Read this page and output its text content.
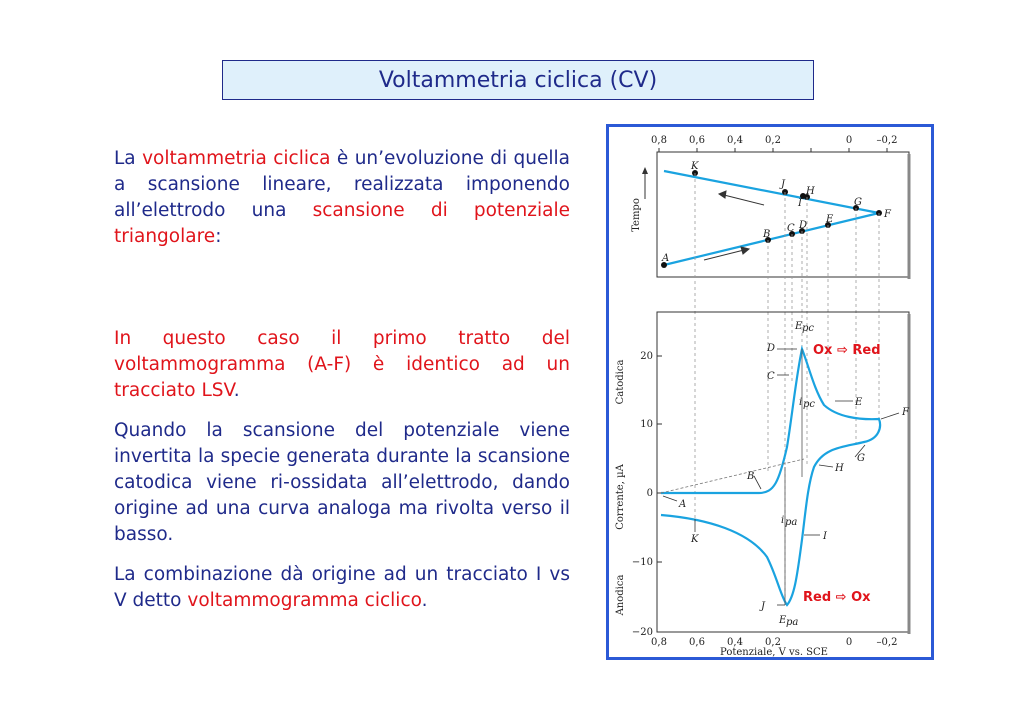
Voltammetria ciclica (CV)
La voltammetria ciclica è un’evoluzione di quella a scansione lineare, realizzata imponendo all’elettrodo una scansione di potenziale triangolare:
In questo caso il primo tratto del voltammogramma (A-F) è identico ad un tracciato LSV.
Quando la scansione del potenziale viene invertita la specie generata durante la scansione catodica viene ri-ossidata all’elettrodo, dando origine ad una curva analoga ma rivolta verso il basso.
La combinazione dà origine ad un tracciato I vs V detto voltammogramma ciclico.
0,8 0,6 0,4 0,2	0 –0,2
Tempo
A
B
C D
E	F
G
H
I
J
K
20
10
0
−10
−20
0,8 0,6 0,4 0,2	0 –0,2
Potenziale, V vs. SCE
Corrente, µA
Catodica
Anodica
E pc
i pc
i pa
E pa
A
B
C
D
E
F
G
H
I
J
K
Ox ⇨ Red
Red ⇨ Ox
